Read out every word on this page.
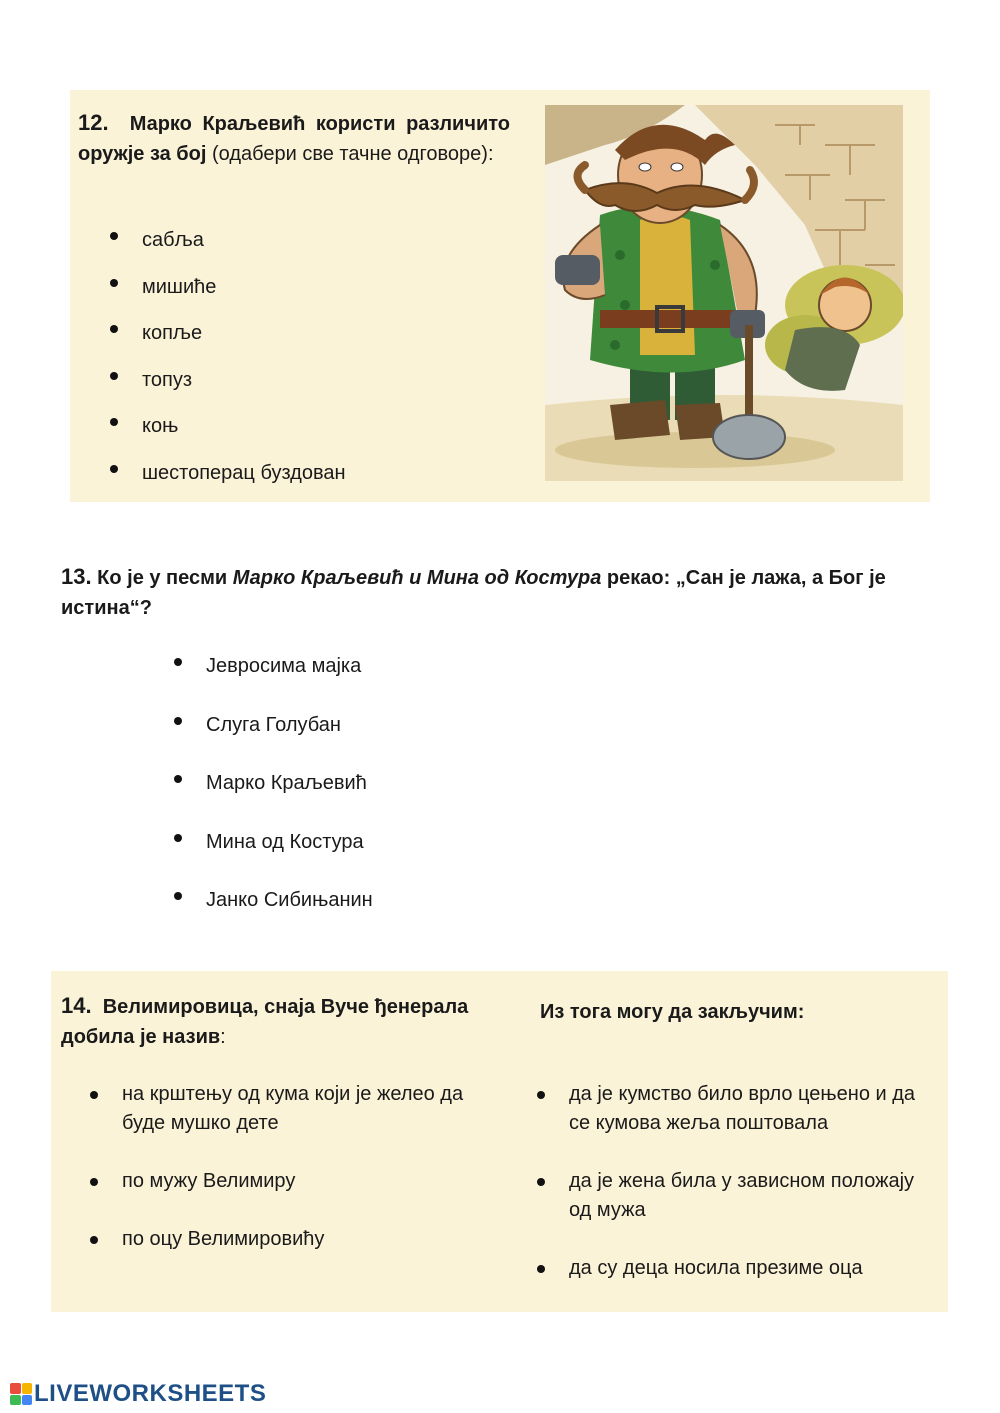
12. Марко Краљевић користи различито оружје за бој (одабери све тачне одговоре):
сабља
мишиће
копље
топуз
коњ
шестоперац буздован
13. Ко је у песми Марко Краљевић и Мина од Костура рекао: „Сан је лажа, а Бог је истина“?
Јевросима мајка
Слуга Голубан
Марко Краљевић
Мина од Костура
Јанко Сибињанин
14. Велимировица, снаја Вуче ђенерала добила је назив:
Из тога могу да закључим:
на крштењу од кума који је желео да буде мушко дете
по мужу Велимиру
по оцу Велимировићу
да је кумство било врло цењено и да се кумова жеља поштовала
да је жена била у зависном положају од мужа
да су деца носила презиме оца
LIVEWORKSHEETS
